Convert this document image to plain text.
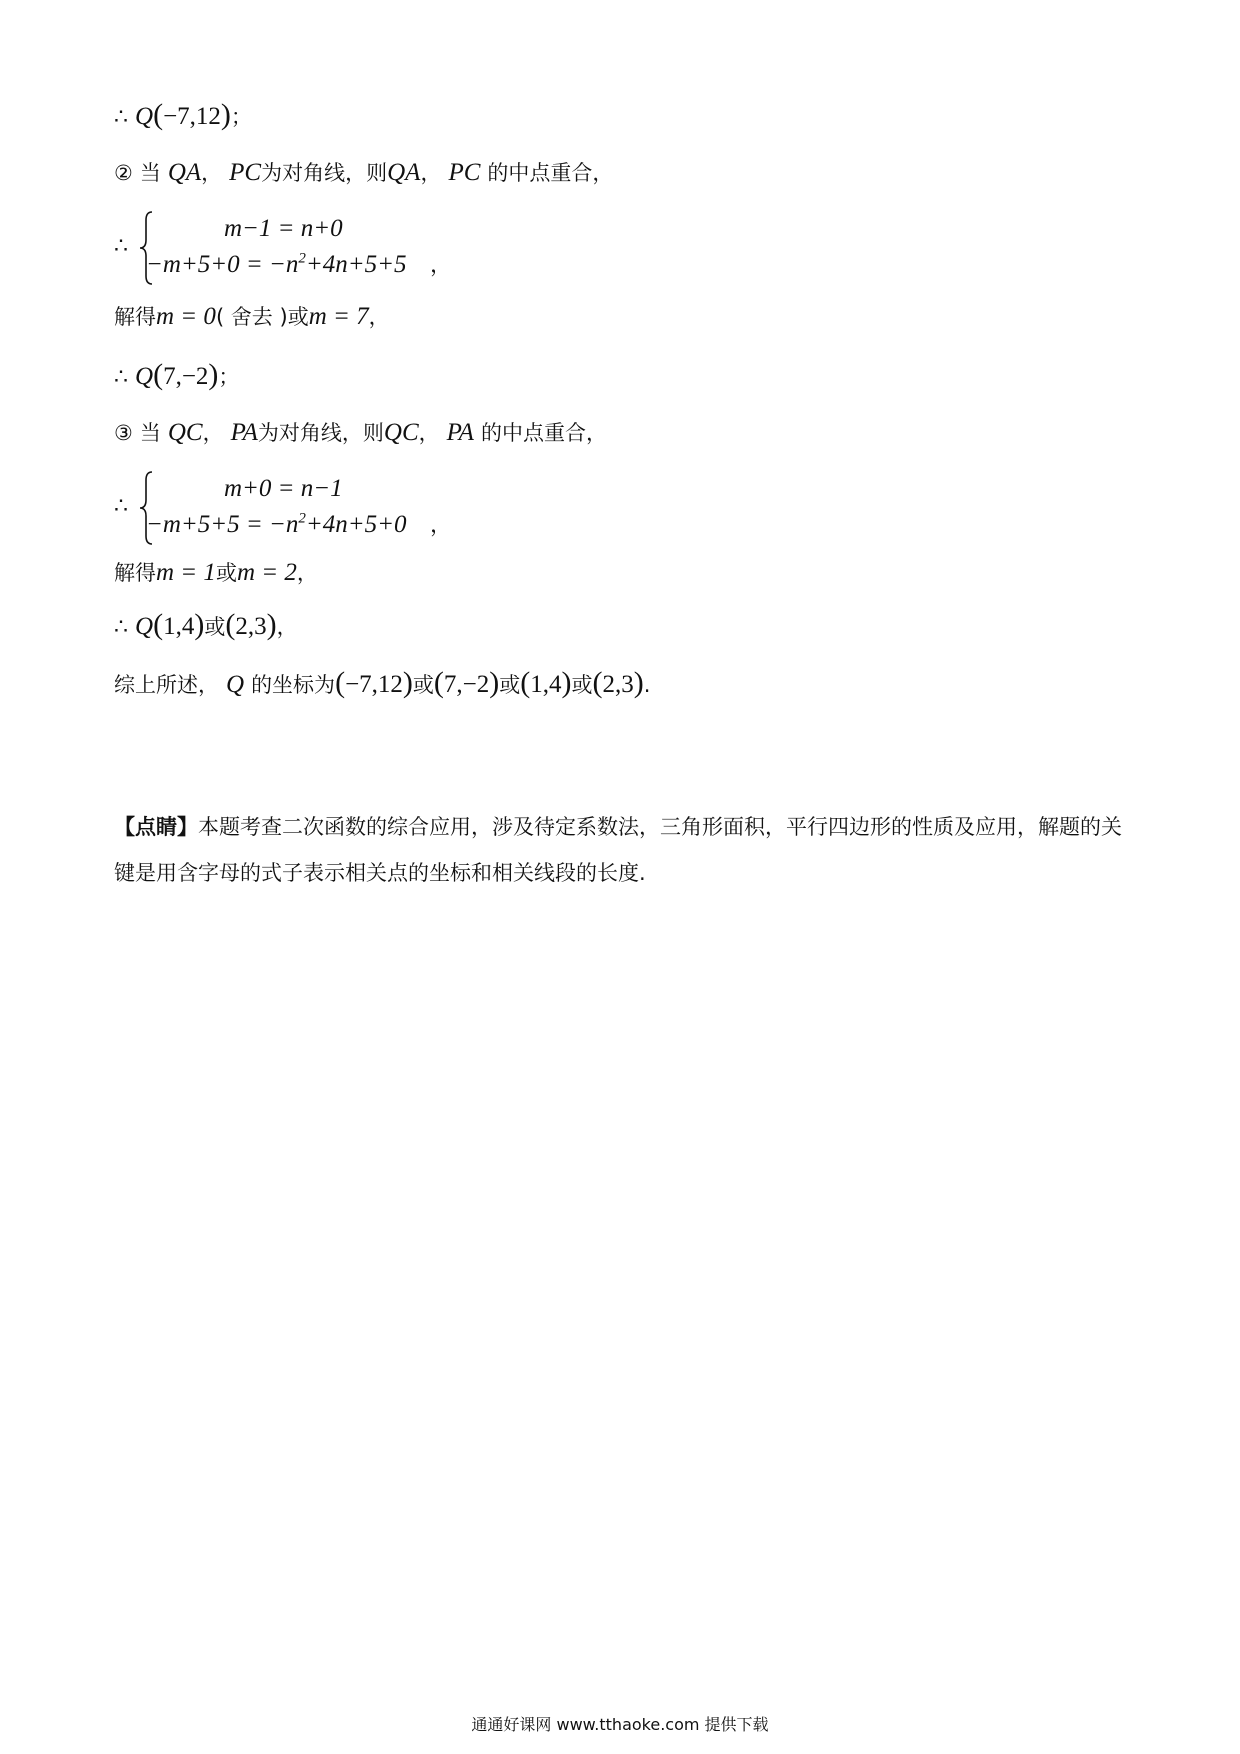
∴ Q(−7,12)；
② 当 QA， PC为对角线，则QA， PC 的中点重合，
∴
m−1 = n+0
$-m+5+0 = -n^2+4n+5+5$ ，
解得m = 0( 舍去 )或m = 7，
∴ Q(7,−2)；
③ 当 QC， PA为对角线，则QC， PA 的中点重合，
∴
m+0 = n−1
$-m+5+5 = -n^2+4n+5+0$ ，
解得m = 1或m = 2，
∴ Q(1,4)或(2,3)，
综上所述， Q 的坐标为(−7,12)或(7,−2)或(1,4)或(2,3).
【点睛】本题考查二次函数的综合应用，涉及待定系数法，三角形面积，平行四边形的性质及应用，解题的关键是用含字母的式子表示相关点的坐标和相关线段的长度.
通通好课网 www.tthaoke.com 提供下载
